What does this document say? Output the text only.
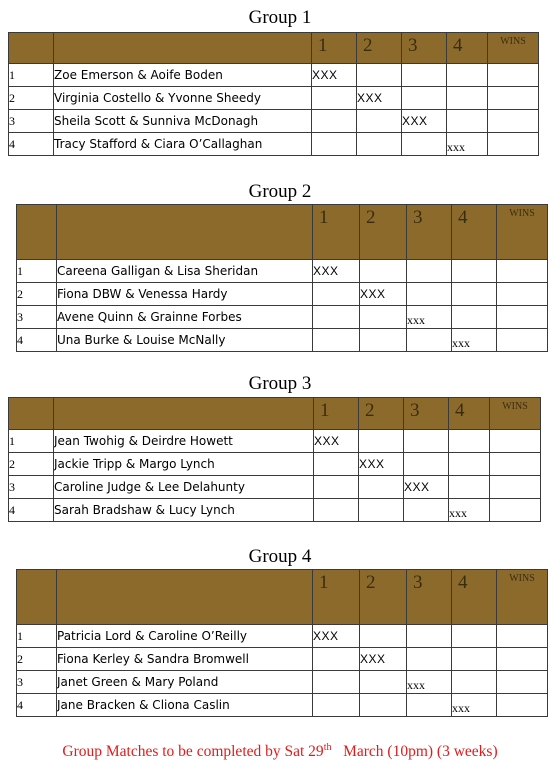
Group 1

		1	2	3	4	WINS

1	Zoe Emerson & Aoife Boden	XXX				
2	Virginia Costello & Yvonne Sheedy		XXX			
3	Sheila Scott & Sunniva McDonagh			XXX		
4	Tracy Stafford & Ciara O’Callaghan				xxx	
Group 2

		1	2	3	4	WINS

1	Careena Galligan & Lisa Sheridan	XXX				
2	Fiona DBW & Venessa Hardy		XXX			
3	Avene Quinn & Grainne Forbes			xxx		
4	Una Burke & Louise McNally				xxx	
Group 3

		1	2	3	4	WINS

1	Jean Twohig & Deirdre Howett	XXX				
2	Jackie Tripp & Margo Lynch		XXX			
3	Caroline Judge & Lee Delahunty			XXX		
4	Sarah Bradshaw & Lucy Lynch				xxx	
Group 4

		1	2	3	4	WINS

1	Patricia Lord & Caroline O’Reilly	XXX				
2	Fiona Kerley & Sandra Bromwell		XXX			
3	Janet Green & Mary Poland			xxx		
4	Jane Bracken & Cliona Caslin				xxx	
Group Matches to be completed by Sat 29th   March (10pm) (3 weeks)
